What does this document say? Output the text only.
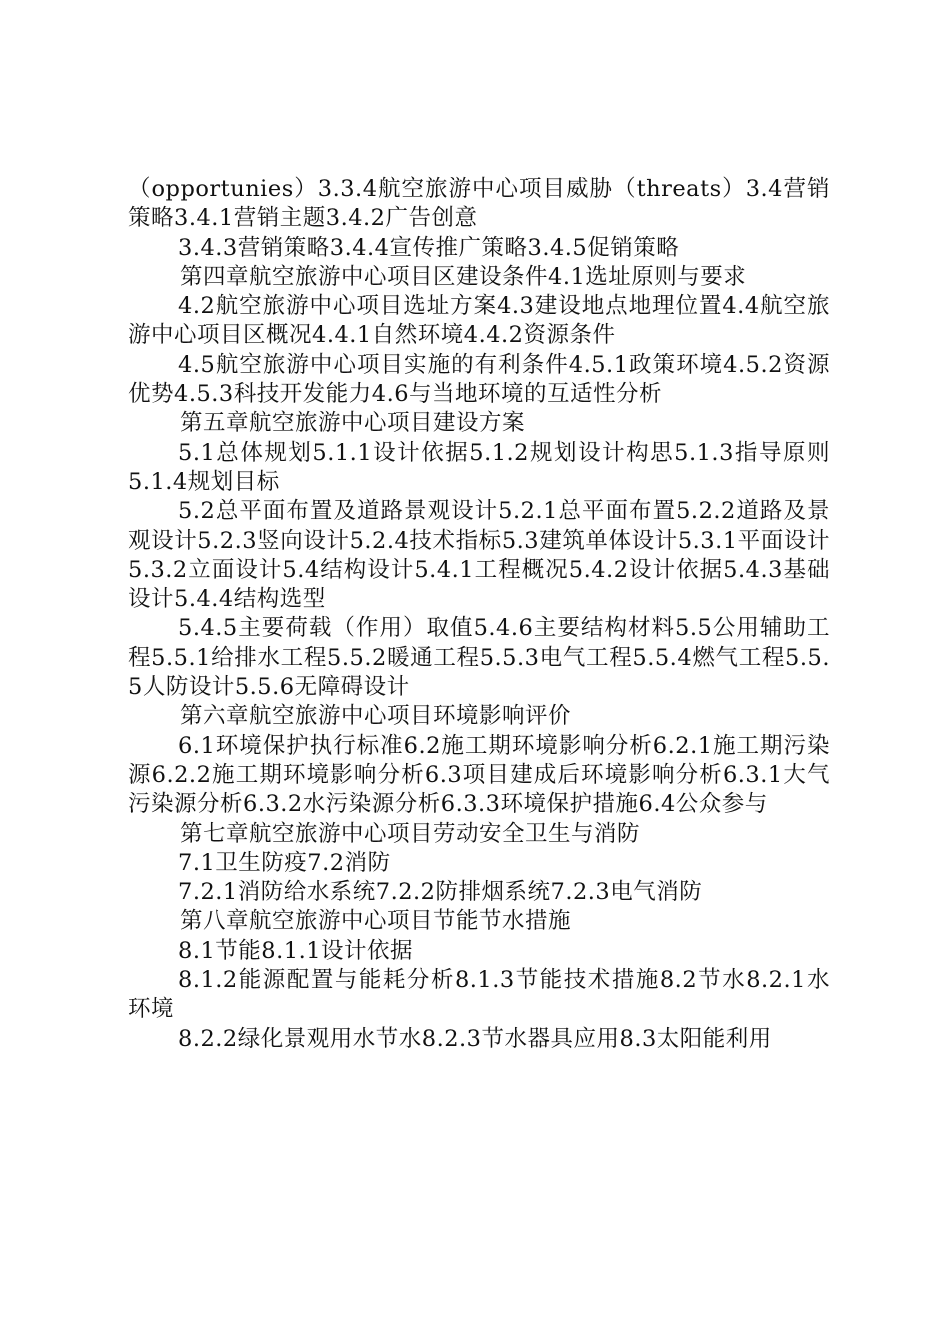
（opportunies）3.3.4航空旅游中心项目威胁（threats）3.4营销策略3.4.1营销主题3.4.2广告创意

3.4.3营销策略3.4.4宣传推广策略3.4.5促销策略

第四章航空旅游中心项目区建设条件4.1选址原则与要求

4.2航空旅游中心项目选址方案4.3建设地点地理位置4.4航空旅游中心项目区概况4.4.1自然环境4.4.2资源条件

4.5航空旅游中心项目实施的有利条件4.5.1政策环境4.5.2资源优势4.5.3科技开发能力4.6与当地环境的互适性分析

第五章航空旅游中心项目建设方案

5.1总体规划5.1.1设计依据5.1.2规划设计构思5.1.3指导原则5.1.4规划目标

5.2总平面布置及道路景观设计5.2.1总平面布置5.2.2道路及景观设计5.2.3竖向设计5.2.4技术指标5.3建筑单体设计5.3.1平面设计5.3.2立面设计5.4结构设计5.4.1工程概况5.4.2设计依据5.4.3基础设计5.4.4结构选型

5.4.5主要荷载（作用）取值5.4.6主要结构材料5.5公用辅助工程5.5.1给排水工程5.5.2暖通工程5.5.3电气工程5.5.4燃气工程5.5.5人防设计5.5.6无障碍设计

第六章航空旅游中心项目环境影响评价

6.1环境保护执行标准6.2施工期环境影响分析6.2.1施工期污染源6.2.2施工期环境影响分析6.3项目建成后环境影响分析6.3.1大气污染源分析6.3.2水污染源分析6.3.3环境保护措施6.4公众参与

第七章航空旅游中心项目劳动安全卫生与消防

7.1卫生防疫7.2消防

7.2.1消防给水系统7.2.2防排烟系统7.2.3电气消防

第八章航空旅游中心项目节能节水措施

8.1节能8.1.1设计依据

8.1.2能源配置与能耗分析8.1.3节能技术措施8.2节水8.2.1水环境

8.2.2绿化景观用水节水8.2.3节水器具应用8.3太阳能利用
